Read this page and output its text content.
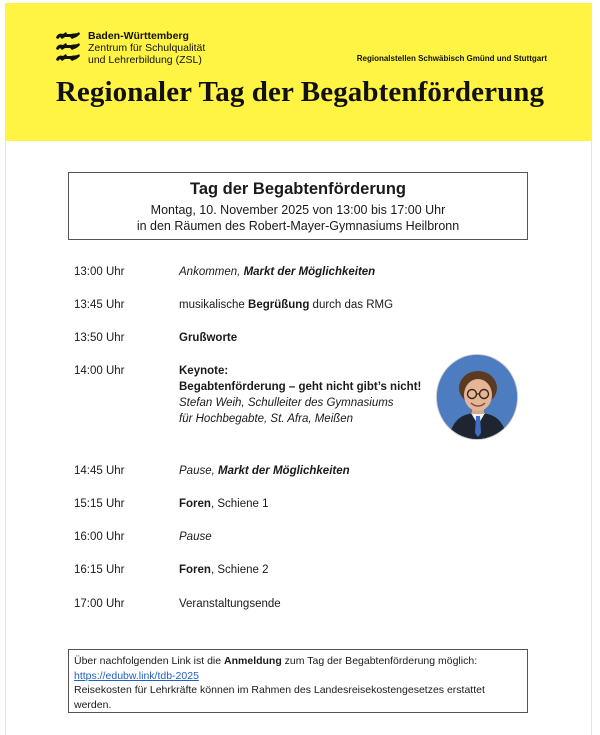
Baden-Württemberg
Zentrum für Schulqualität
und Lehrerbildung (ZSL)	Regionalstellen Schwäbisch Gmünd und Stuttgart
Regionaler Tag der Begabtenförderung
Tag der Begabtenförderung
Montag, 10. November 2025 von 13:00 bis 17:00 Uhr
in den Räumen des Robert-Mayer-Gymnasiums Heilbronn
13:00 Uhr	Ankommen, Markt der Möglichkeiten
13:45 Uhr	musikalische Begrüßung durch das RMG
13:50 Uhr	Grußworte
14:00 Uhr	Keynote:
Begabtenförderung – geht nicht gibt’s nicht!
Stefan Weih, Schulleiter des Gymnasiums
für Hochbegabte, St. Afra, Meißen
14:45 Uhr	Pause, Markt der Möglichkeiten
15:15 Uhr	Foren, Schiene 1
16:00 Uhr	Pause
16:15 Uhr	Foren, Schiene 2
17:00 Uhr	Veranstaltungsende
Über nachfolgenden Link ist die Anmeldung zum Tag der Begabtenförderung möglich:
https://edubw.link/tdb-2025
Reisekosten für Lehrkräfte können im Rahmen des Landesreisekostengesetzes erstattet werden.
